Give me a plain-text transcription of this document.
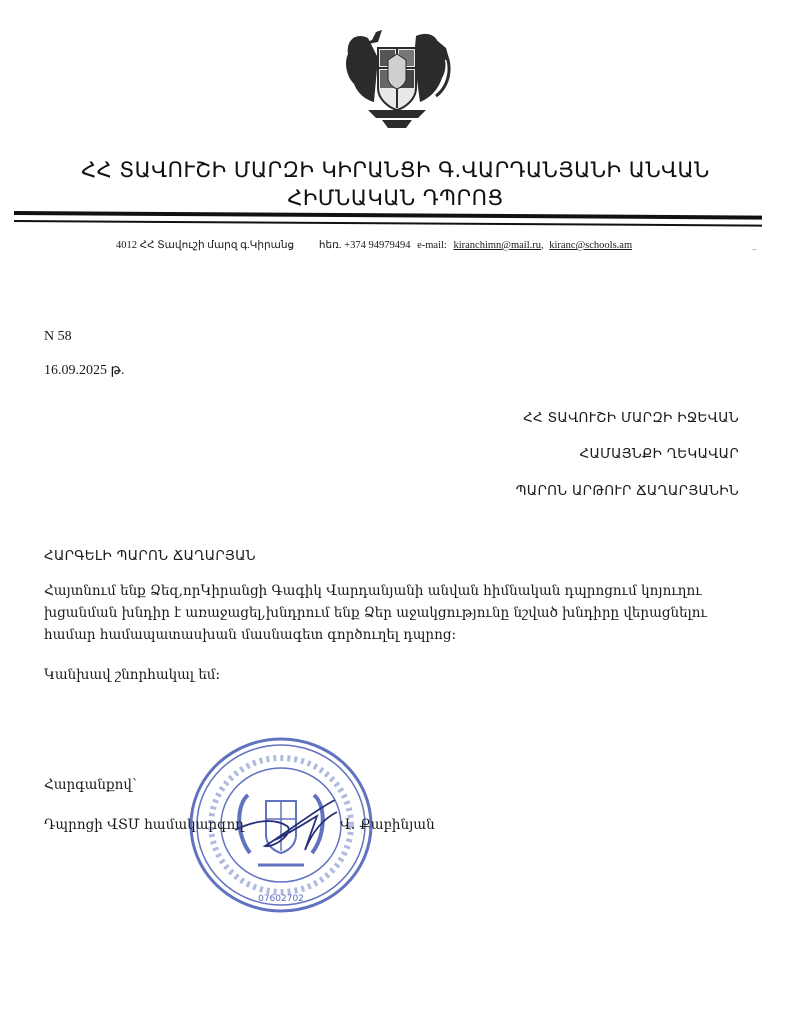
ՀՀ ՏԱՎՈՒՇԻ ՄԱՐԶԻ ԿԻՐԱՆՑԻ Գ.ՎԱՐԴԱՆՅԱՆԻ ԱՆՎԱՆ
ՀԻՄՆԱԿԱՆ ԴՊՐՈՑ
4012 ՀՀ Տավուշի մարզ գ.Կիրանց հեռ. +374 94979494 e-mail: kiranchimn@mail.ru, kiranc@schools.am
˜
N 58
16.09.2025 թ.
ՀՀ ՏԱՎՈՒՇԻ ՄԱՐԶԻ ԻՋԵՎԱՆ
ՀԱՄԱՅՆՔԻ ՂԵԿԱՎԱՐ
ՊԱՐՈՆ ԱՐԹՈՒՐ ՃԱՂԱՐՅԱՆԻՆ
ՀԱՐԳԵԼԻ ՊԱՐՈՆ ՃԱՂԱՐՅԱՆ
Հայտնում ենք Ձեզ,որԿիրանցի Գագիկ Վարդանյանի անվան հիմնական դպրոցում կոյուղու
խցանման խնդիր է առաջացել,խնդրում ենք Ձեր աջակցությունը նշված խնդիրը վերացնելու
համար համապատասխան մասնագետ գործուղել դպրոց:
Կանխավ շնորհակալ եմ:
07602702
Հարգանքով՝
Դպրոցի ՎՏՄ համակարգող	Վ. Քաբինյան
